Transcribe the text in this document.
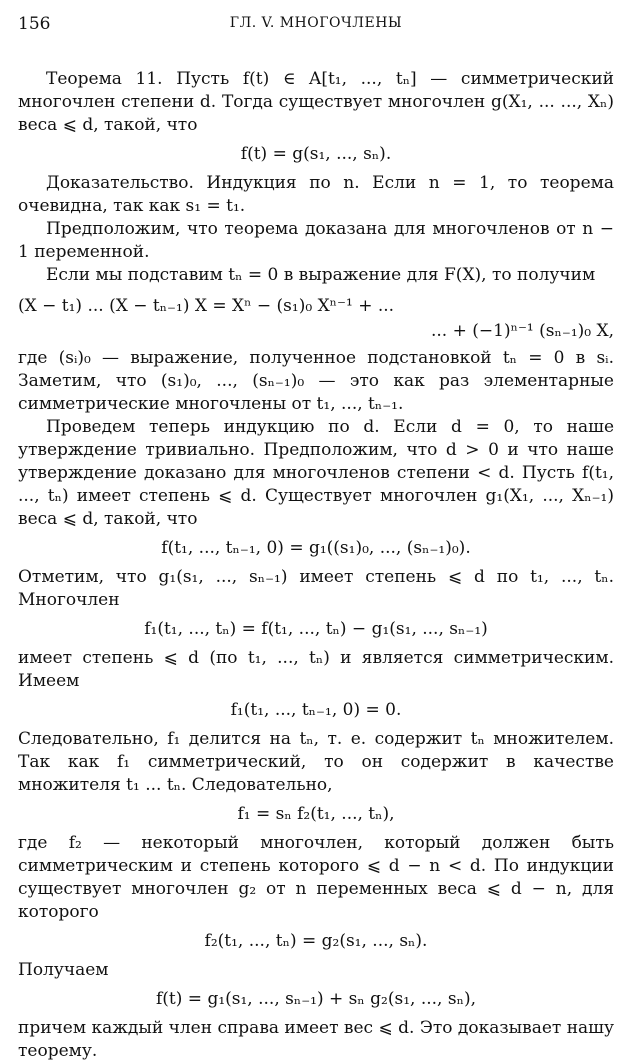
156	ГЛ. V. МНОГОЧЛЕНЫ

Теорема 11. Пусть f(t) ∈ A[t₁, ..., tₙ] — симметрический многочлен степени d. Тогда существует многочлен g(X₁, ... ..., Xₙ) веса ⩽ d, такой, что

f(t) = g(s₁, ..., sₙ).

Доказательство. Индукция по n. Если n = 1, то теорема очевидна, так как s₁ = t₁.

Предположим, что теорема доказана для многочленов от n − 1 переменной.

Если мы подставим tₙ = 0 в выражение для F(X), то получим

(X − t₁) ... (X − tₙ₋₁) X = Xⁿ − (s₁)₀ Xⁿ⁻¹ + ...
... + (−1)ⁿ⁻¹ (sₙ₋₁)₀ X,

где (sᵢ)₀ — выражение, полученное подстановкой tₙ = 0 в sᵢ. Заметим, что (s₁)₀, ..., (sₙ₋₁)₀ — это как раз элементарные симметрические многочлены от t₁, ..., tₙ₋₁.

Проведем теперь индукцию по d. Если d = 0, то наше утверждение тривиально. Предположим, что d > 0 и что наше утверждение доказано для многочленов степени < d. Пусть f(t₁, ..., tₙ) имеет степень ⩽ d. Существует многочлен g₁(X₁, ..., Xₙ₋₁) веса ⩽ d, такой, что

f(t₁, ..., tₙ₋₁, 0) = g₁((s₁)₀, ..., (sₙ₋₁)₀).

Отметим, что g₁(s₁, ..., sₙ₋₁) имеет степень ⩽ d по t₁, ..., tₙ. Многочлен

f₁(t₁, ..., tₙ) = f(t₁, ..., tₙ) − g₁(s₁, ..., sₙ₋₁)

имеет степень ⩽ d (по t₁, ..., tₙ) и является симметрическим. Имеем

f₁(t₁, ..., tₙ₋₁, 0) = 0.

Следовательно, f₁ делится на tₙ, т. е. содержит tₙ множителем. Так как f₁ симметрический, то он содержит в качестве множителя t₁ ... tₙ. Следовательно,

f₁ = sₙ f₂(t₁, ..., tₙ),

где f₂ — некоторый многочлен, который должен быть симметрическим и степень которого ⩽ d − n < d. По индукции существует многочлен g₂ от n переменных веса ⩽ d − n, для которого

f₂(t₁, ..., tₙ) = g₂(s₁, ..., sₙ).

Получаем

f(t) = g₁(s₁, ..., sₙ₋₁) + sₙ g₂(s₁, ..., sₙ),

причем каждый член справа имеет вес ⩽ d. Это доказывает нашу теорему.
